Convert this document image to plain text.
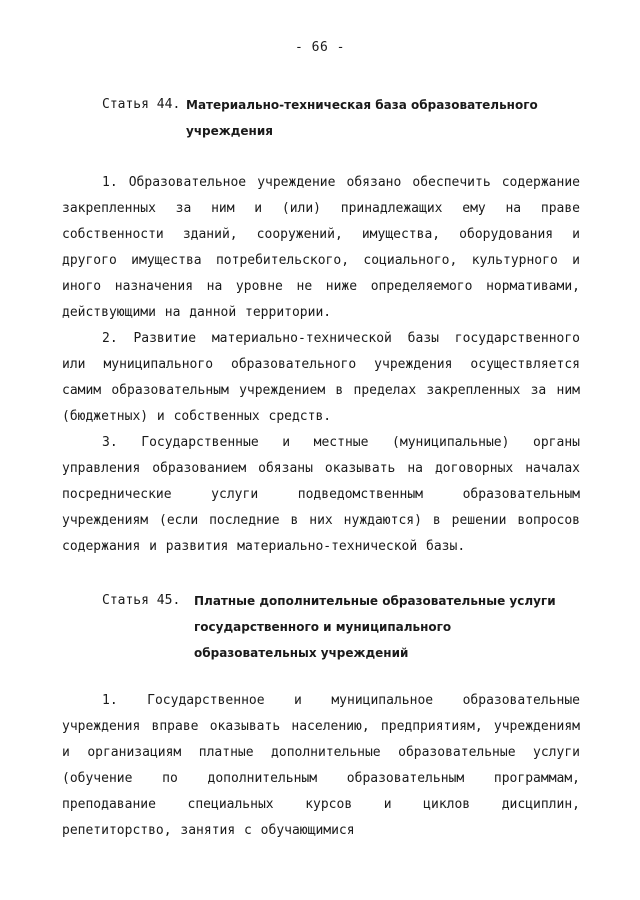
- 66 -
Статья 44. Материально-техническая база образовательного
учреждения

1. Образовательное учреждение обязано обеспечить содержание закрепленных за ним и (или) принадлежащих ему на праве собственности зданий, сооружений, имущества, оборудования и другого имущества потребительского, социального, культурного и иного назначения на уровне не ниже определяемого нормативами, действующими на данной территории.

2. Развитие материально-технической базы государственного или муниципального образовательного учреждения осуществляется самим образовательным учреждением в пределах закрепленных за ним (бюджетных) и собственных средств.

3. Государственные и местные (муниципальные) органы управления образованием обязаны оказывать на договорных началах посреднические услуги подведомственным образовательным учреждениям (если последние в них нуждаются) в решении вопросов содержания и развития материально-технической базы.

Статья 45. Платные дополнительные образовательные услуги
государственного и муниципального
образовательных учреждений

1. Государственное и муниципальное образовательные учреждения вправе оказывать населению, предприятиям, учреждениям и организациям платные дополнительные образовательные услуги (обучение по дополнительным образовательным программам, преподавание специальных курсов и циклов дисциплин, репетиторство, занятия с обучающимися
